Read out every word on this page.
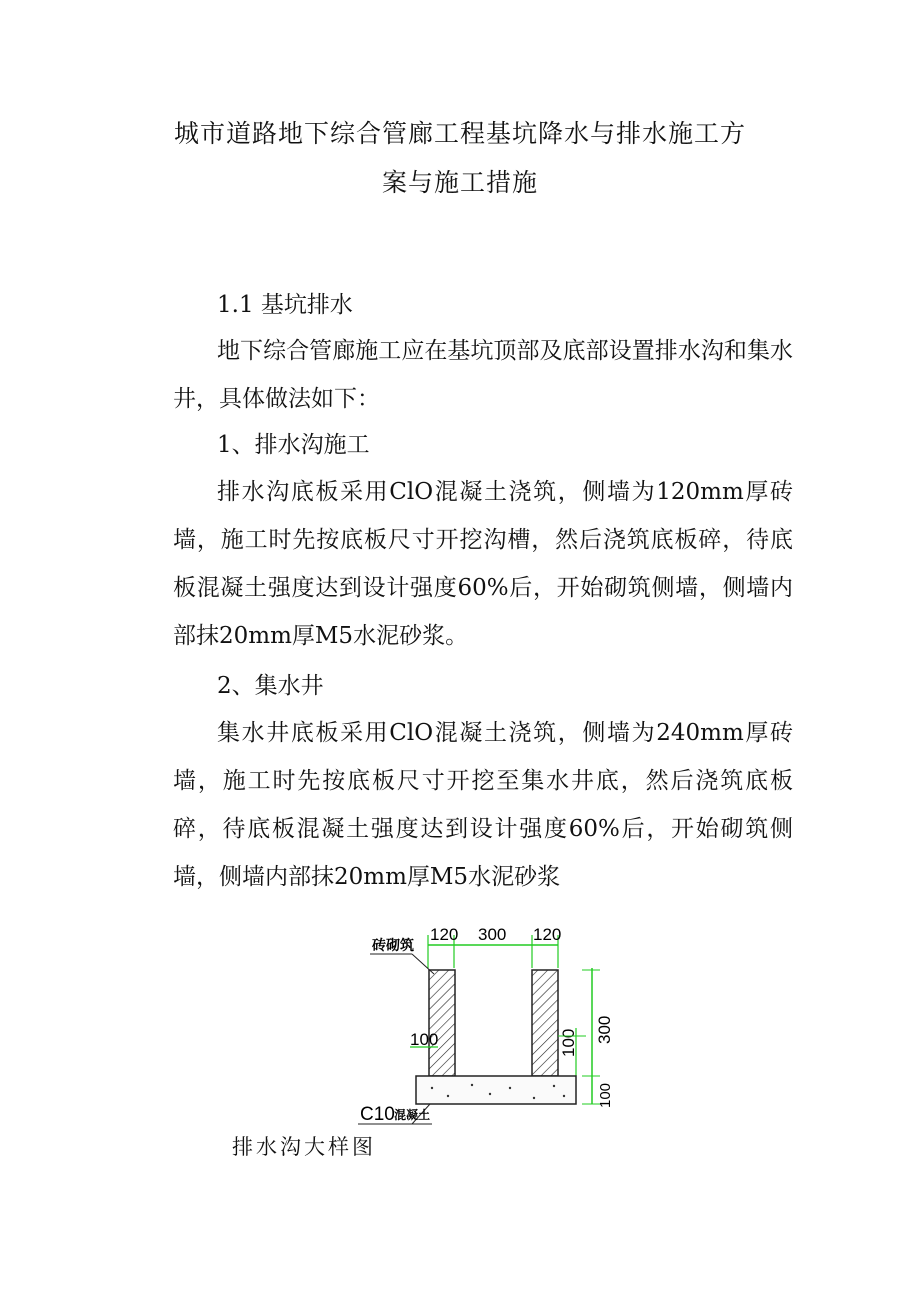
城市道路地下综合管廊工程基坑降水与排水施工方
案与施工措施
1.1 基坑排水
地下综合管廊施工应在基坑顶部及底部设置排水沟和集水井，具体做法如下：
1、排水沟施工
排水沟底板采用ClO混凝土浇筑，侧墙为120mm厚砖墙，施工时先按底板尺寸开挖沟槽，然后浇筑底板碎，待底板混凝土强度达到设计强度60%后，开始砌筑侧墙，侧墙内部抹20mm厚M5水泥砂浆。
2、集水井
集水井底板采用ClO混凝土浇筑，侧墙为240mm厚砖墙，施工时先按底板尺寸开挖至集水井底，然后浇筑底板碎，待底板混凝土强度达到设计强度60%后，开始砌筑侧墙，侧墙内部抹20mm厚M5水泥砂浆
120 300 120
砖砌筑
100	100 300
100
C10 混凝土
排水沟大样图
